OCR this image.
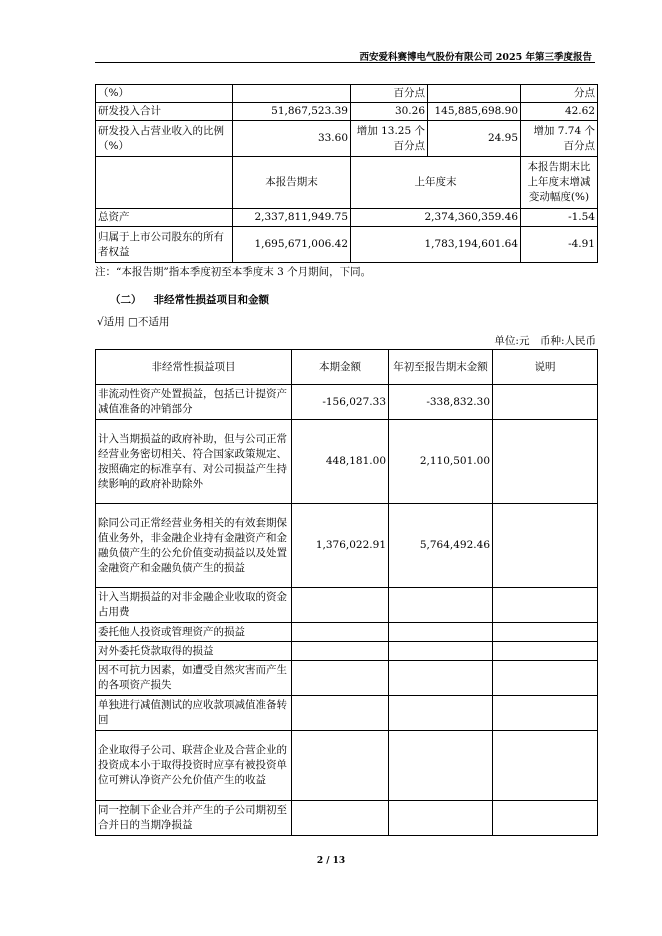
西安爱科赛博电气股份有限公司 2025 年第三季度报告
（%）		百分点		分点
研发投入合计	51,867,523.39	30.26	145,885,698.90	42.62
研发投入占营业收入的比例（%）	33.60	增加 13.25 个百分点	24.95	增加 7.74 个百分点
	本报告期末	上年度末		本报告期末比上年度末增减变动幅度(%)
总资产	2,337,811,949.75	2,374,360,359.46		-1.54
归属于上市公司股东的所有者权益	1,695,671,006.42	1,783,194,601.64		-4.91
注：“本报告期”指本季度初至本季度末 3 个月期间，下同。
（二） 非经常性损益项目和金额
√适用 □不适用
单位:元　币种:人民币
非经常性损益项目	本期金额	年初至报告期末金额	说明
非流动性资产处置损益，包括已计提资产减值准备的冲销部分	-156,027.33	-338,832.30	
计入当期损益的政府补助，但与公司正常经营业务密切相关、符合国家政策规定、按照确定的标准享有、对公司损益产生持续影响的政府补助除外	448,181.00	2,110,501.00	
除同公司正常经营业务相关的有效套期保值业务外，非金融企业持有金融资产和金融负债产生的公允价值变动损益以及处置金融资产和金融负债产生的损益	1,376,022.91	5,764,492.46	
计入当期损益的对非金融企业收取的资金占用费			
委托他人投资或管理资产的损益			
对外委托贷款取得的损益			
因不可抗力因素，如遭受自然灾害而产生的各项资产损失			
单独进行减值测试的应收款项减值准备转回			
企业取得子公司、联营企业及合营企业的投资成本小于取得投资时应享有被投资单位可辨认净资产公允价值产生的收益			
同一控制下企业合并产生的子公司期初至合并日的当期净损益			
2 / 13
